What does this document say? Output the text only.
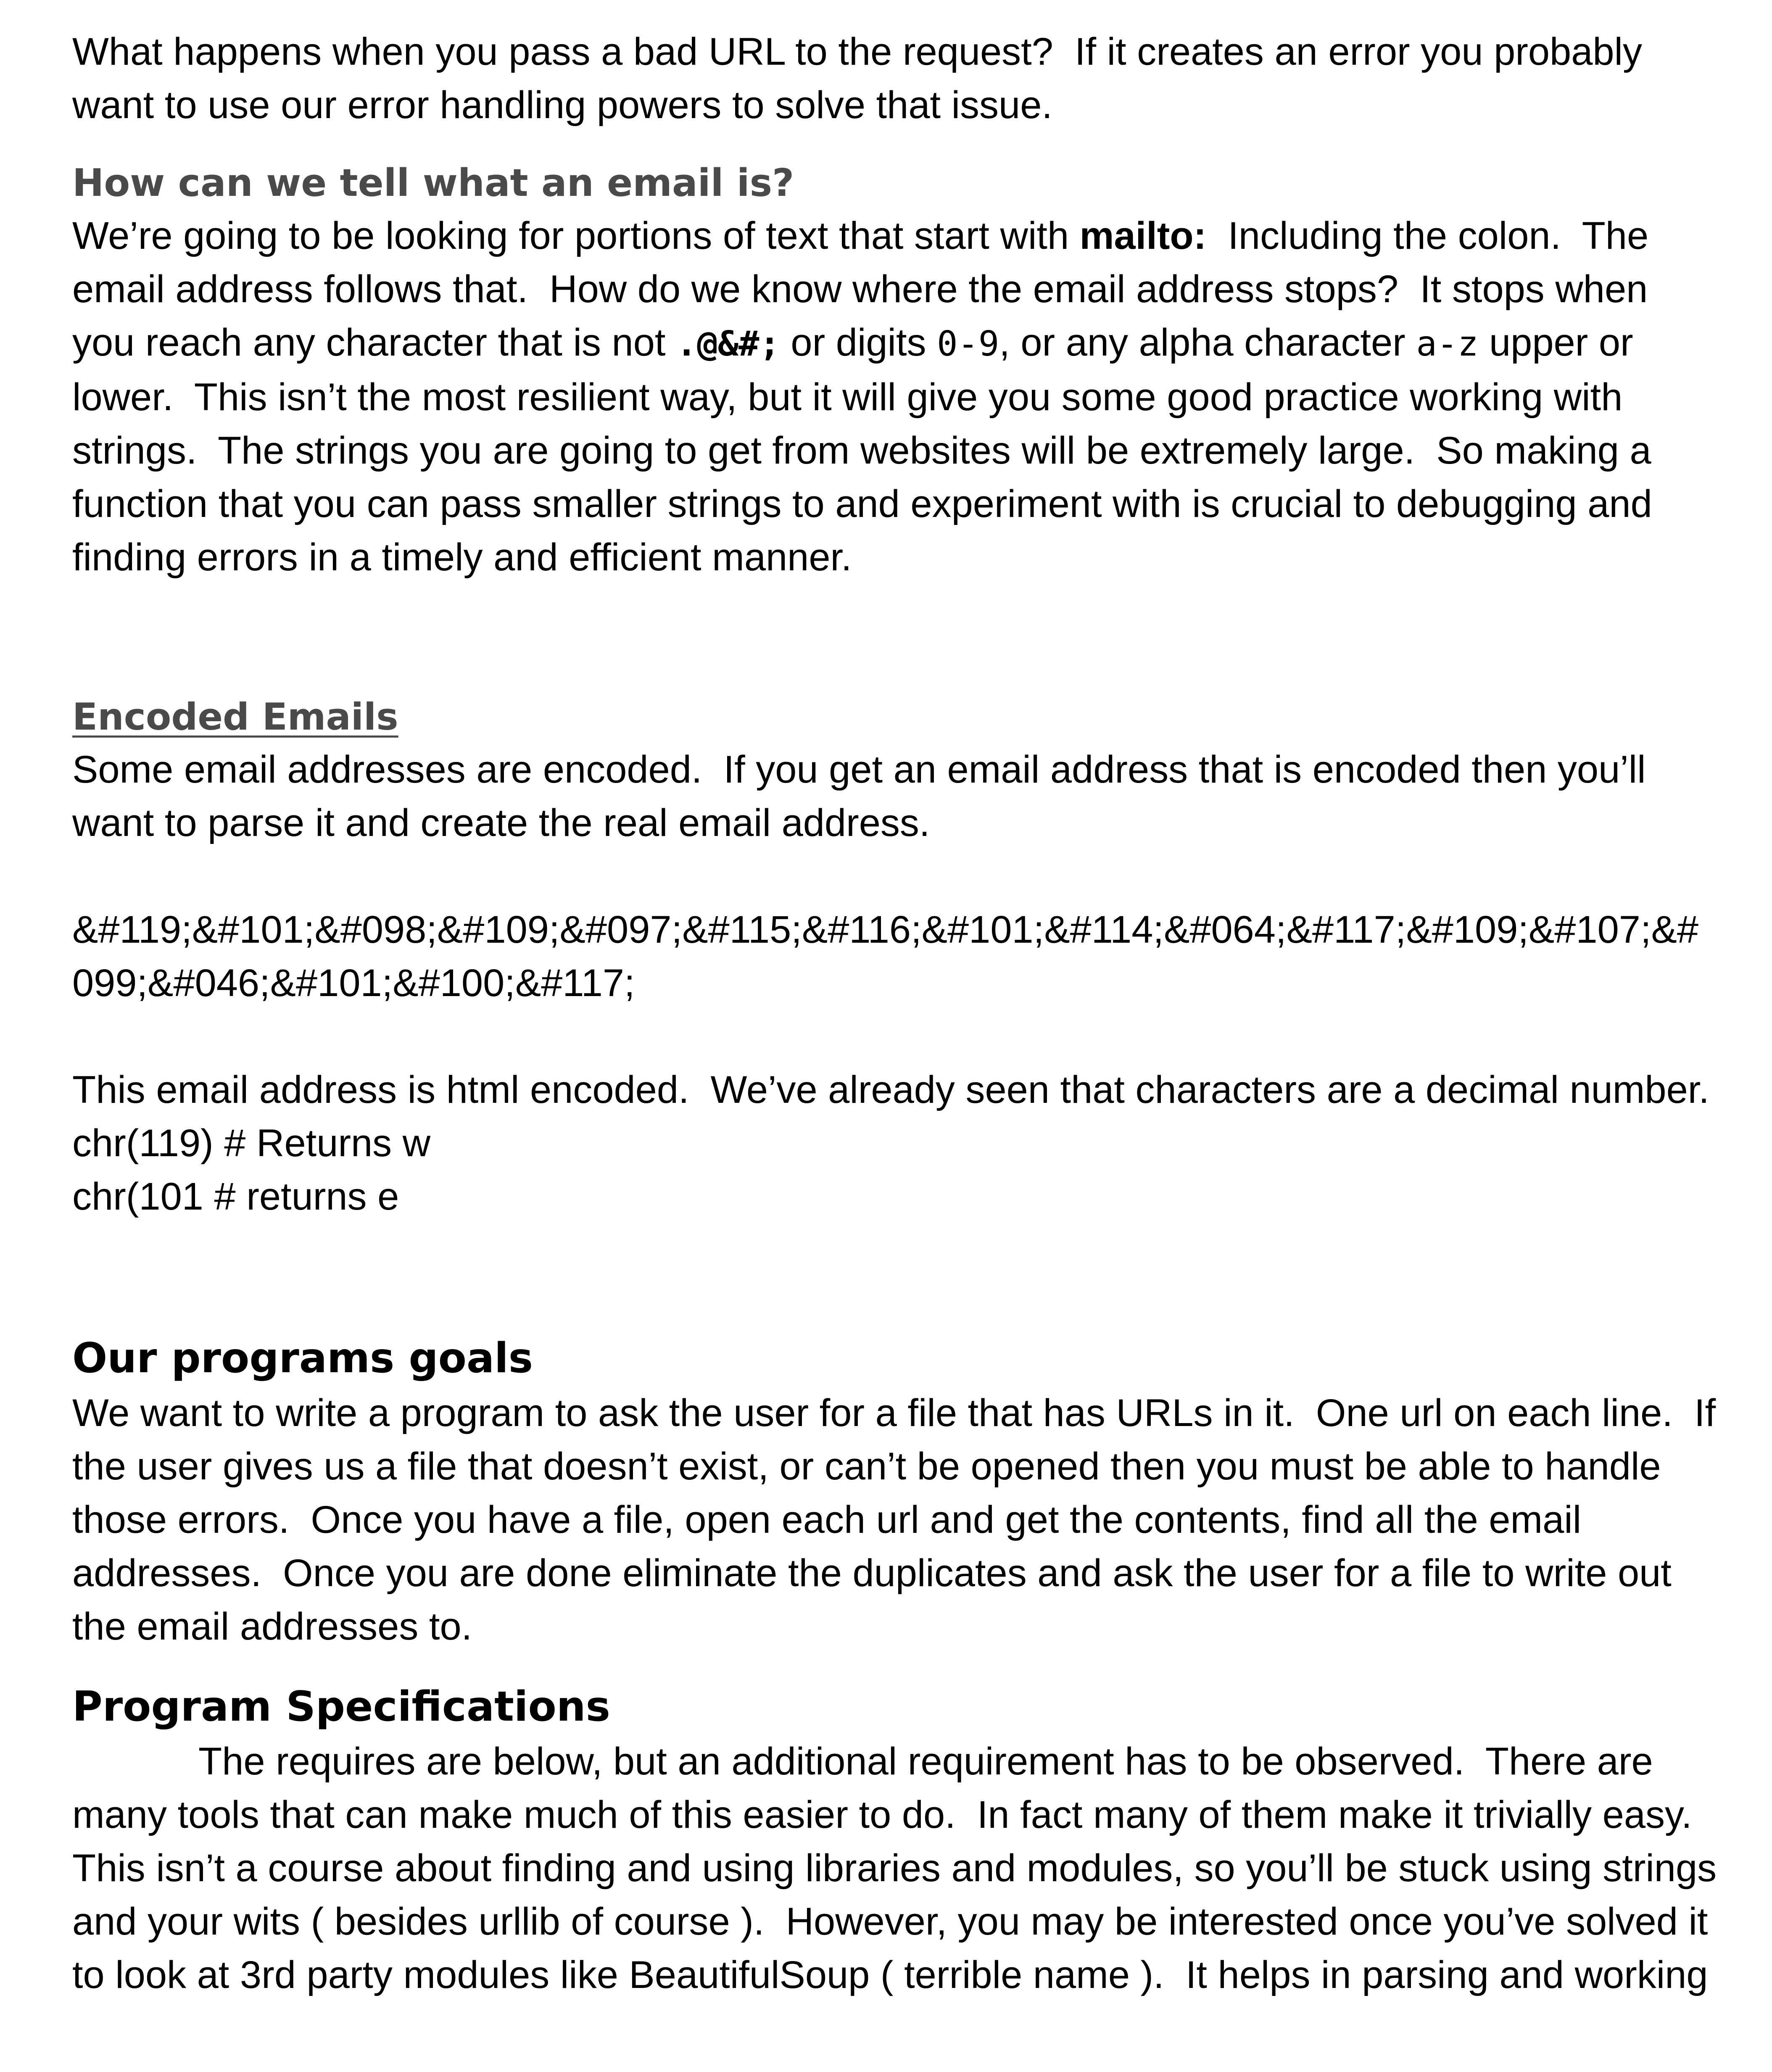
What happens when you pass a bad URL to the request?  If it creates an error you probably

want to use our error handling powers to solve that issue.

How can we tell what an email is?

We’re going to be looking for portions of text that start with mailto:  Including the colon.  The

email address follows that.  How do we know where the email address stops?  It stops when

you reach any character that is not .@&#; or digits 0-9, or any alpha character a-z upper or

lower.  This isn’t the most resilient way, but it will give you some good practice working with

strings.  The strings you are going to get from websites will be extremely large.  So making a

function that you can pass smaller strings to and experiment with is crucial to debugging and

finding errors in a timely and efficient manner.

Encoded Emails

Some email addresses are encoded.  If you get an email address that is encoded then you’ll

want to parse it and create the real email address.

&#119;&#101;&#098;&#109;&#097;&#115;&#116;&#101;&#114;&#064;&#117;&#109;&#107;&#

099;&#046;&#101;&#100;&#117;

This email address is html encoded.  We’ve already seen that characters are a decimal number.

chr(119) # Returns w

chr(101 # returns e

Our programs goals

We want to write a program to ask the user for a file that has URLs in it.  One url on each line.  If

the user gives us a file that doesn’t exist, or can’t be opened then you must be able to handle

those errors.  Once you have a file, open each url and get the contents, find all the email

addresses.  Once you are done eliminate the duplicates and ask the user for a file to write out

the email addresses to.

Program Specifications

The requires are below, but an additional requirement has to be observed.  There are

many tools that can make much of this easier to do.  In fact many of them make it trivially easy.

This isn’t a course about finding and using libraries and modules, so you’ll be stuck using strings

and your wits ( besides urllib of course ).  However, you may be interested once you’ve solved it

to look at 3rd party modules like BeautifulSoup ( terrible name ).  It helps in parsing and working
